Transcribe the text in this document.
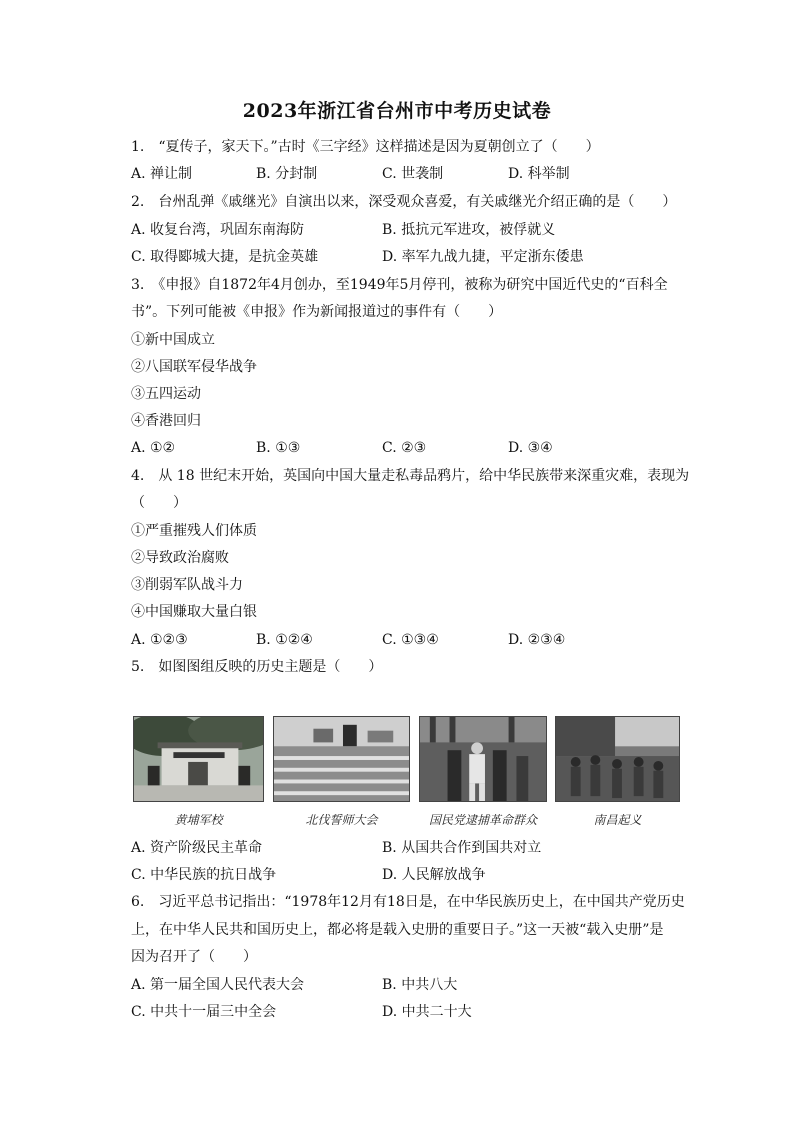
2023年浙江省台州市中考历史试卷
1.　“夏传子，家天下。”古时《三字经》这样描述是因为夏朝创立了（　　）
A. 禅让制	B. 分封制	C. 世袭制	D. 科举制
2.　台州乱弹《戚继光》自演出以来，深受观众喜爱，有关戚继光介绍正确的是（　　）
A. 收复台湾，巩固东南海防	B. 抵抗元军进攻，被俘就义
C. 取得郾城大捷，是抗金英雄	D. 率军九战九捷，平定浙东倭患
3.　《申报》自1872年4月创办，至1949年5月停刊，被称为研究中国近代史的“百科全
书”。下列可能被《申报》作为新闻报道过的事件有（　　）
①新中国成立
②八国联军侵华战争
③五四运动
④香港回归
A. ①②	B. ①③	C. ②③	D. ③④
4.　从 18 世纪末开始，英国向中国大量走私毒品鸦片，给中华民族带来深重灾难，表现为
（　　）
①严重摧残人们体质
②导致政治腐败
③削弱军队战斗力
④中国赚取大量白银
A. ①②③	B. ①②④	C. ①③④	D. ②③④
5.　如图图组反映的历史主题是（　　）
黄埔军校	北伐誓师大会	国民党逮捕革命群众	南昌起义
A. 资产阶级民主革命	B. 从国共合作到国共对立
C. 中华民族的抗日战争	D. 人民解放战争
6.　习近平总书记指出：“1978年12月有18日是，在中华民族历史上，在中国共产党历史
上，在中华人民共和国历史上，都必将是载入史册的重要日子。”这一天被“载入史册”是
因为召开了（　　）
A. 第一届全国人民代表大会	B. 中共八大
C. 中共十一届三中全会	D. 中共二十大
